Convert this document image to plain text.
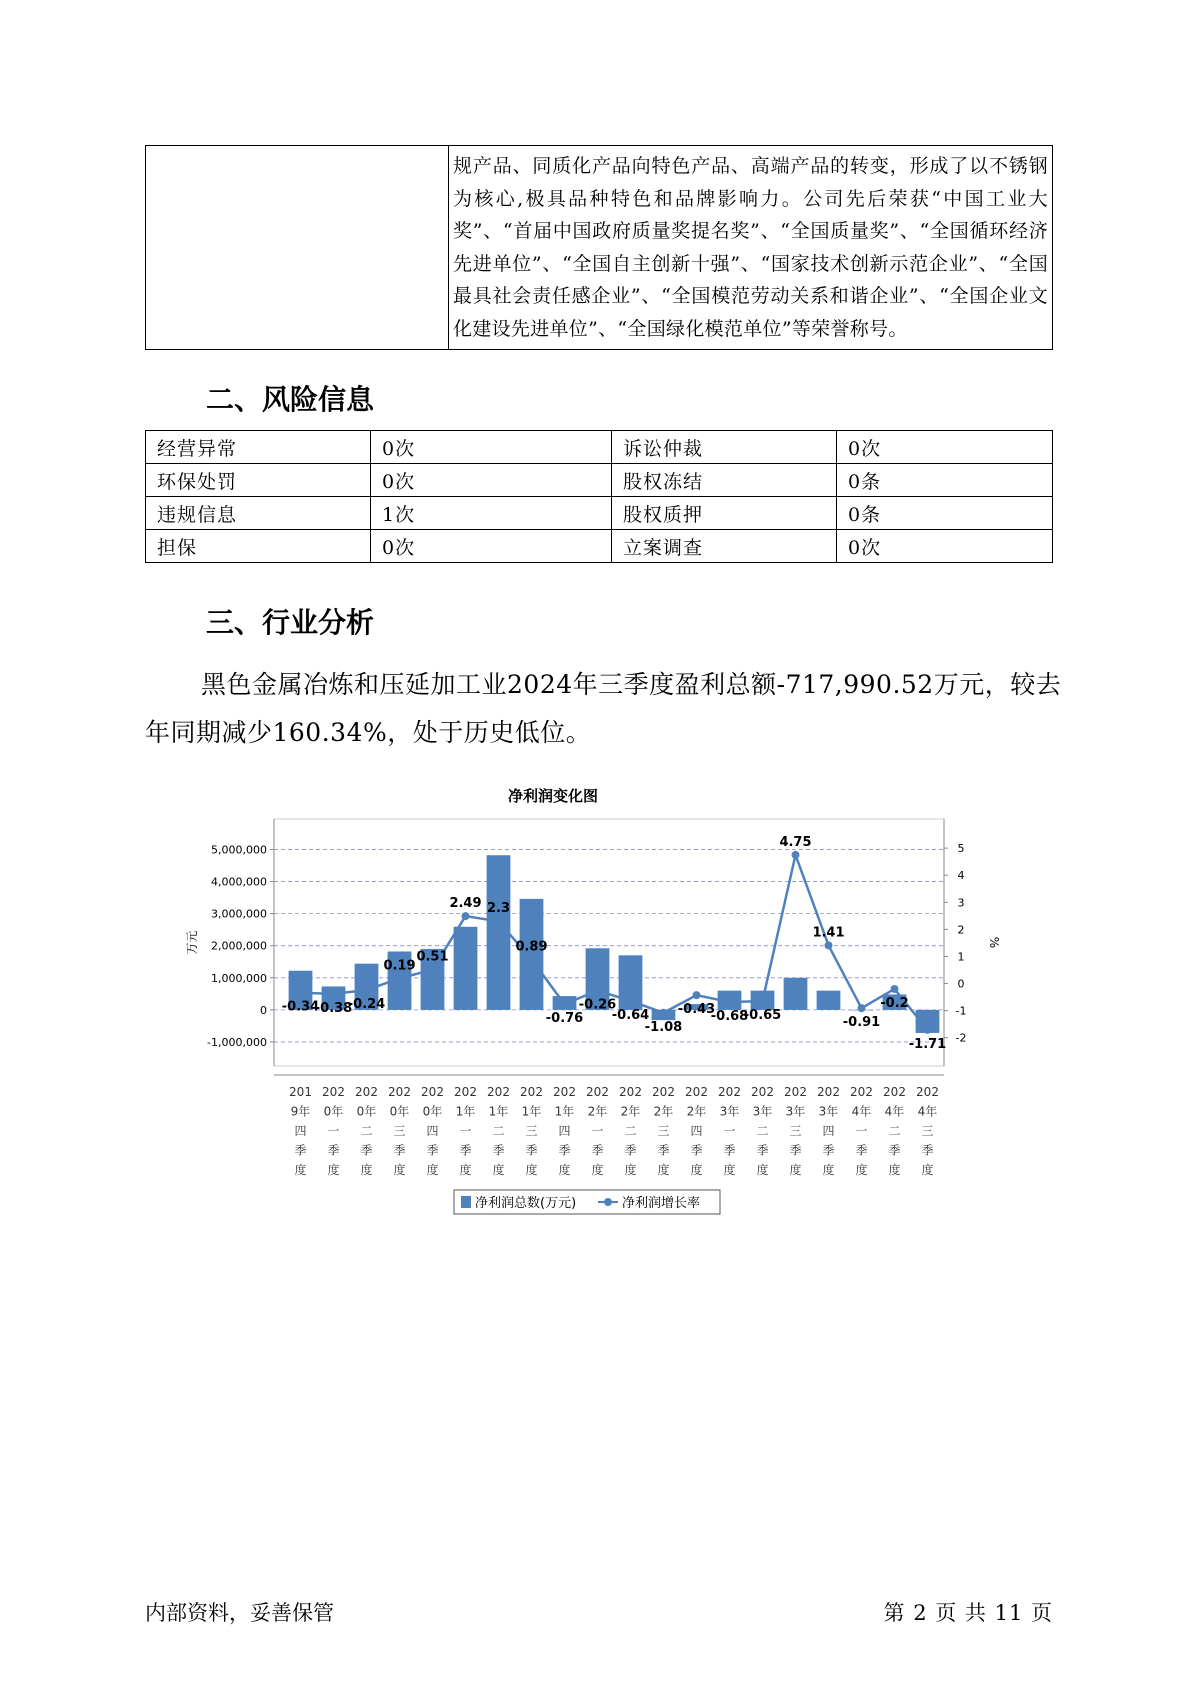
规产品、同质化产品向特色产品、高端产品的转变，形成了以不锈钢为核心,极具品种特色和品牌影响力。公司先后荣获“中国工业大奖”、“首届中国政府质量奖提名奖”、“全国质量奖”、“全国循环经济先进单位”、“全国自主创新十强”、“国家技术创新示范企业”、“全国最具社会责任感企业”、“全国模范劳动关系和谐企业”、“全国企业文化建设先进单位”、“全国绿化模范单位”等荣誉称号。
二、风险信息
经营异常	0次	诉讼仲裁	0次
环保处罚	0次	股权冻结	0条
违规信息	1次	股权质押	0条
担保	0次	立案调查	0次
三、行业分析

黑色金属冶炼和压延加工业2024年三季度盈利总额-717,990.52万元，较去年同期减少160.34%，处于历史低位。

净利润变化图
5,000,000
4,000,000
3,000,000
2,000,000
1,000,000
0
-1,000,000
5
4
3
2
1
0
-1
-2
万元	%
-0.34
-0.38
-0.24
0.19
0.51
2.49 2.3
0.89
-0.76
-0.26
-0.64
-1.08
-0.43
-0.68
-0.65
4.75
1.41
-0.91
-0.2
-1.71
201
9年
四
季
度
202
0年
一
季
度
202
0年
二
季
度
202
0年
三
季
度
202
0年
四
季
度
202
1年
一
季
度
202
1年
二
季
度
202
1年
三
季
度
202
1年
四
季
度
202
2年
一
季
度
202
2年
二
季
度
202
2年
三
季
度
202
2年
四
季
度
202
3年
一
季
度
202
3年
二
季
度
202
3年
三
季
度
202
3年
四
季
度
202
4年
一
季
度
202
4年
二
季
度
202
4年
三
季
度
净利润总数(万元)	净利润增长率
内部资料，妥善保管	第 2 页 共 11 页
